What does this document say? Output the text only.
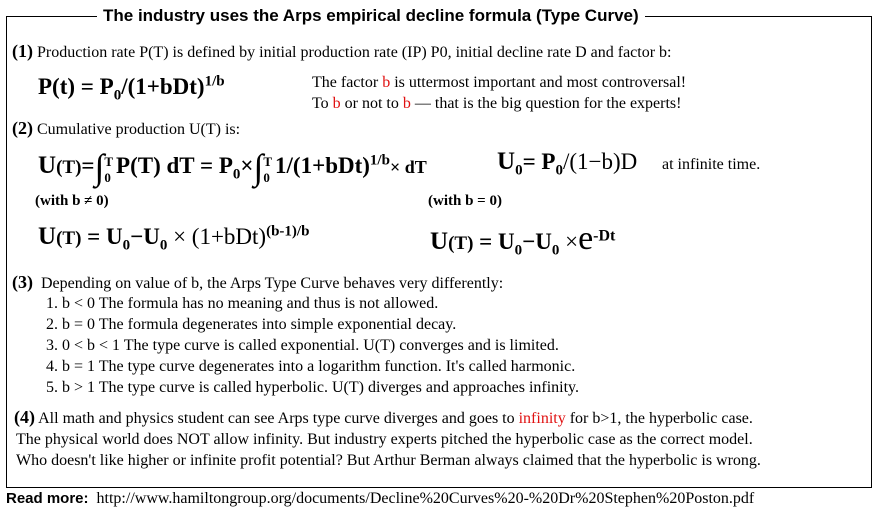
The industry uses the Arps empirical decline formula (Type Curve)
(1) Production rate P(T) is defined by initial production rate (IP) P0, initial decline rate D and factor b:
$P(t) = P_0/(1+bDt)^{1/b}$	The factor b is uttermost important and most controversal!
To b or not to b — that is the big question for the experts!
(2) Cumulative production U(T) is:
U(T)=∫ T
0 P(T) dT = $P_0\times\int$ T
0 $1/(1+bDt)^{1/b}\times$ dT	$U_0= P_0/(1-b)D$ at infinite time.
(with b ≠ 0)	(with b = 0)
$U(T) = U_0-U_0 \times (1+bDt)^{(b-1)/b}$	$U(T) = U_0-U_0 \times e^{-Dt}$
(3) Depending on value of b, the Arps Type Curve behaves very differently:
1. b < 0 The formula has no meaning and thus is not allowed.
2. b = 0 The formula degenerates into simple exponential decay.
3. 0 < b < 1 The type curve is called exponential. U(T) converges and is limited.
4. b = 1 The type curve degenerates into a logarithm function. It's called harmonic.
5. b > 1 The type curve is called hyperbolic. U(T) diverges and approaches infinity.
(4) All math and physics student can see Arps type curve diverges and goes to infinity for b>1, the hyperbolic case.
The physical world does NOT allow infinity. But industry experts pitched the hyperbolic case as the correct model.
Who doesn't like higher or infinite profit potential? But Arthur Berman always claimed that the hyperbolic is wrong.
Read more: http://www.hamiltongroup.org/documents/Decline%20Curves%20-%20Dr%20Stephen%20Poston.pdf
